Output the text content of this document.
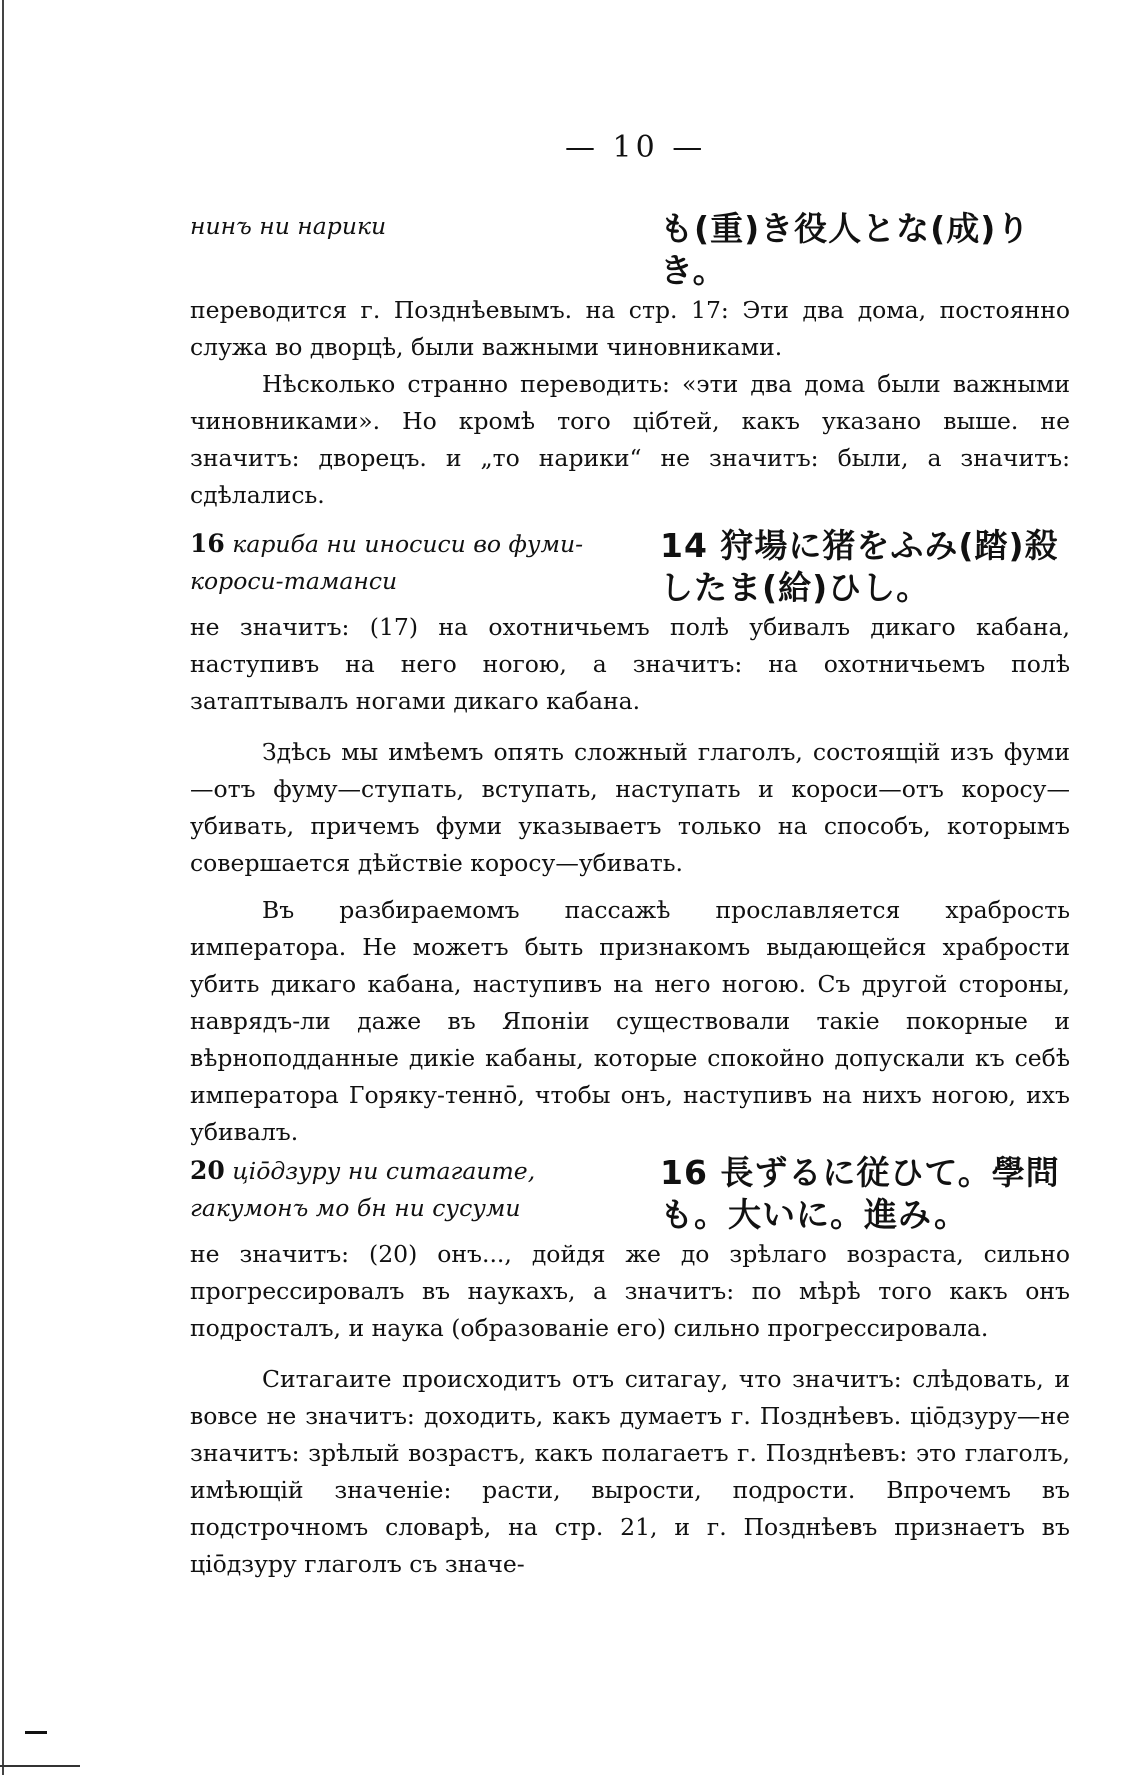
— 10 —
нинъ ни нарики	も(重)き役人とな(成)りき。

переводится г. Позднѣевымъ. на стр. 17: Эти два дома, постоянно служа во дворцѣ, были важными чиновниками.

Нѣсколько странно переводить: «эти два дома были важными чиновниками». Но кромѣ того цiбтей, какъ указано выше. не значитъ: дворецъ. и „то нарики“ не значитъ: были, а значитъ: сдѣлались.

16 кариба ни иносиси во фуми-короси-таманси
14 狩場に猪をふみ(踏)殺したま(給)ひし。

не значитъ: (17) на охотничьемъ полѣ убивалъ дикаго кабана, наступивъ на него ногою, а значитъ: на охотничьемъ полѣ затаптывалъ ногами дикаго кабана.

Здѣсь мы имѣемъ опять сложный глаголъ, состоящiй изъ фуми—отъ фуму—ступать, вступать, наступать и короси—отъ коросу—убивать, причемъ фуми указываетъ только на способъ, которымъ совершается дѣйствiе коросу—убивать.

Въ разбираемомъ пассажѣ прославляется храбрость императора. Не можетъ быть признакомъ выдающейся храбрости убить дикаго кабана, наступивъ на него ногою. Съ другой стороны, наврядъ-ли даже въ Японiи существовали такiе покорные и вѣрноподданные дикiе кабаны, которые спокойно допускали къ себѣ императора Горяку-теннō, чтобы онъ, наступивъ на нихъ ногою, ихъ убивалъ.

20 цiōдзуру ни ситагаите, гакумонъ мо бн ни сусуми
16 長ずるに従ひて。學問も。大いに。進み。

не значитъ: (20) онъ..., дойдя же до зрѣлаго возраста, сильно прогрессировалъ въ наукахъ, а значитъ: по мѣрѣ того какъ онъ подросталъ, и наука (образованiе его) сильно прогрессировала.

Ситагаите происходитъ отъ ситагау, что значитъ: слѣдовать, и вовсе не значитъ: доходить, какъ думаетъ г. Позднѣевъ. цiōдзуру—не значитъ: зрѣлый возрастъ, какъ полагаетъ г. Позднѣевъ: это глаголъ, имѣющiй значенiе: расти, вырости, подрости. Впрочемъ въ подстрочномъ словарѣ, на стр. 21, и г. Позднѣевъ признаетъ въ цiōдзуру глаголъ съ значе-
